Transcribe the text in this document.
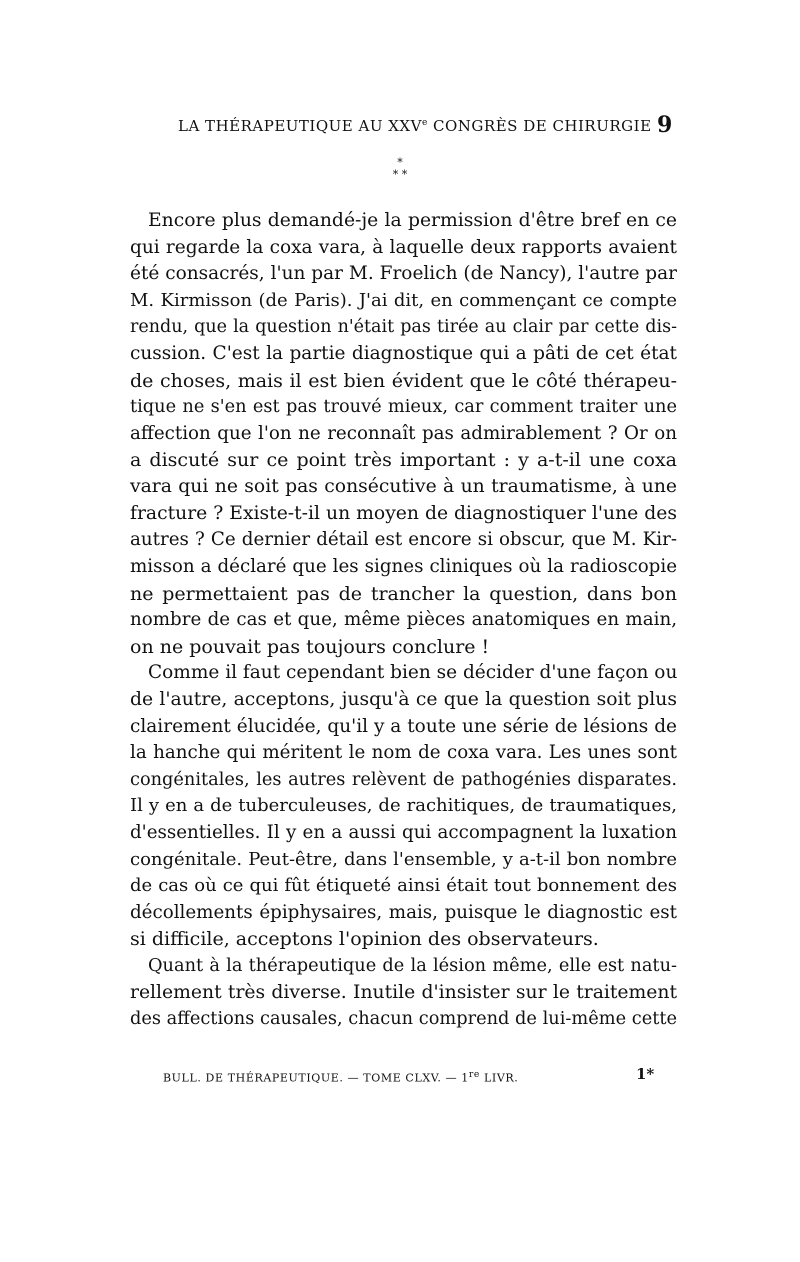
LA THÉRAPEUTIQUE AU XXVe CONGRÈS DE CHIRURGIE 9
*
* *
Encore plus demandé-je la permission d'être bref en ce
qui regarde la coxa vara, à laquelle deux rapports avaient
été consacrés, l'un par M. Froelich (de Nancy), l'autre par
M. Kirmisson (de Paris). J'ai dit, en commençant ce compte
rendu, que la question n'était pas tirée au clair par cette dis-
cussion. C'est la partie diagnostique qui a pâti de cet état
de choses, mais il est bien évident que le côté thérapeu-
tique ne s'en est pas trouvé mieux, car comment traiter une
affection que l'on ne reconnaît pas admirablement ? Or on
a discuté sur ce point très important : y a-t-il une coxa
vara qui ne soit pas consécutive à un traumatisme, à une
fracture ? Existe-t-il un moyen de diagnostiquer l'une des
autres ? Ce dernier détail est encore si obscur, que M. Kir-
misson a déclaré que les signes cliniques où la radioscopie
ne permettaient pas de trancher la question, dans bon
nombre de cas et que, même pièces anatomiques en main,
on ne pouvait pas toujours conclure !
Comme il faut cependant bien se décider d'une façon ou
de l'autre, acceptons, jusqu'à ce que la question soit plus
clairement élucidée, qu'il y a toute une série de lésions de
la hanche qui méritent le nom de coxa vara. Les unes sont
congénitales, les autres relèvent de pathogénies disparates.
Il y en a de tuberculeuses, de rachitiques, de traumatiques,
d'essentielles. Il y en a aussi qui accompagnent la luxation
congénitale. Peut-être, dans l'ensemble, y a-t-il bon nombre
de cas où ce qui fût étiqueté ainsi était tout bonnement des
décollements épiphysaires, mais, puisque le diagnostic est
si difficile, acceptons l'opinion des observateurs.
Quant à la thérapeutique de la lésion même, elle est natu-
rellement très diverse. Inutile d'insister sur le traitement
des affections causales, chacun comprend de lui-même cette
BULL. DE THÉRAPEUTIQUE. — TOME CLXV. — 1re LIVR.	1*
